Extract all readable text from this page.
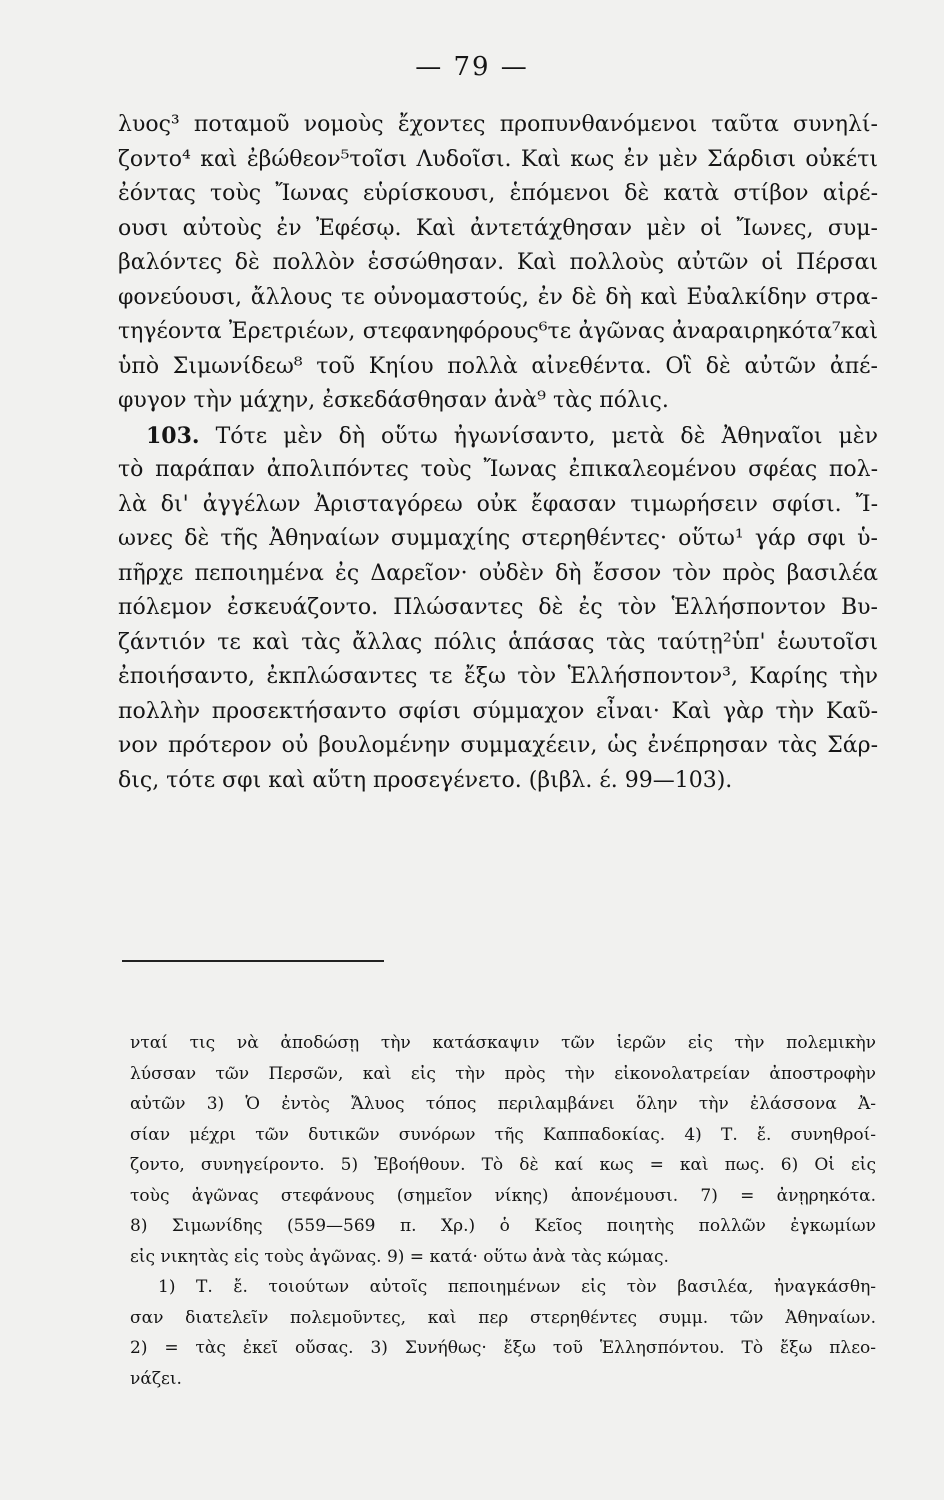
— 79 —
λυος³ ποταμοῦ νομοὺς ἔχοντες προπυνθανόμενοι ταῦτα συνηλί-
ζοντο⁴ καὶ ἐβώθεον⁵τοῖσι Λυδοῖσι. Καὶ κως ἐν μὲν Σάρδισι οὐκέτι
ἐόντας τοὺς Ἴωνας εὑρίσκουσι, ἑπόμενοι δὲ κατὰ στίβον αἱρέ-
ουσι αὐτοὺς ἐν Ἐφέσῳ. Καὶ ἀντετάχθησαν μὲν οἱ Ἴωνες, συμ-
βαλόντες δὲ πολλὸν ἑσσώθησαν. Καὶ πολλοὺς αὐτῶν οἱ Πέρσαι
φονεύουσι, ἄλλους τε οὐνομαστούς, ἐν δὲ δὴ καὶ Εὐαλκίδην στρα-
τηγέοντα Ἐρετριέων, στεφανηφόρους⁶τε ἀγῶνας ἀναραιρηκότα⁷καὶ
ὑπὸ Σιμωνίδεω⁸ τοῦ Κηίου πολλὰ αἰνεθέντα. Οἳ δὲ αὐτῶν ἀπέ-
φυγον τὴν μάχην, ἐσκεδάσθησαν ἀνὰ⁹ τὰς πόλις.
103. Τότε μὲν δὴ οὕτω ἠγωνίσαντο, μετὰ δὲ Ἀθηναῖοι μὲν
τὸ παράπαν ἀπολιπόντες τοὺς Ἴωνας ἐπικαλεομένου σφέας πολ-
λὰ δι' ἀγγέλων Ἀρισταγόρεω οὐκ ἔφασαν τιμωρήσειν σφίσι. Ἴ-
ωνες δὲ τῆς Ἀθηναίων συμμαχίης στερηθέντες· οὕτω¹ γάρ σφι ὑ-
πῆρχε πεποιημένα ἐς Δαρεῖον· οὐδὲν δὴ ἔσσον τὸν πρὸς βασιλέα
πόλεμον ἐσκευάζοντο. Πλώσαντες δὲ ἐς τὸν Ἑλλήσποντον Βυ-
ζάντιόν τε καὶ τὰς ἄλλας πόλις ἁπάσας τὰς ταύτῃ²ὑπ' ἑωυτοῖσι
ἐποιήσαντο, ἐκπλώσαντες τε ἔξω τὸν Ἑλλήσποντον³, Καρίης τὴν
πολλὴν προσεκτήσαντο σφίσι σύμμαχον εἶναι· Καὶ γὰρ τὴν Καῦ-
νον πρότερον οὐ βουλομένην συμμαχέειν, ὡς ἐνέπρησαν τὰς Σάρ-
δις, τότε σφι καὶ αὕτη προσεγένετο. (βιβλ. έ. 99—103).
νταί τις νὰ ἀποδώσῃ τὴν κατάσκαψιν τῶν ἱερῶν εἰς τὴν πολεμικὴν
λύσσαν τῶν Περσῶν, καὶ εἰς τὴν πρὸς τὴν εἰκονολατρείαν ἀποστροφὴν
αὐτῶν 3) Ὁ ἐντὸς Ἄλυος τόπος περιλαμβάνει ὅλην τὴν ἐλάσσονα Ἀ-
σίαν μέχρι τῶν δυτικῶν συνόρων τῆς Καππαδοκίας. 4) Τ. ἔ. συνηθροί-
ζοντο, συνηγείροντο. 5) Ἐβοήθουν. Τὸ δὲ καί κως = καὶ πως. 6) Οἱ εἰς
τοὺς ἀγῶνας στεφάνους (σημεῖον νίκης) ἀπονέμουσι. 7) = ἀνῃρηκότα.
8) Σιμωνίδης (559—569 π. Χρ.) ὁ Κεῖος ποιητὴς πολλῶν ἐγκωμίων
εἰς νικητὰς εἰς τοὺς ἀγῶνας. 9) = κατά· οὕτω ἀνὰ τὰς κώμας.
1) Τ. ἔ. τοιούτων αὐτοῖς πεποιημένων εἰς τὸν βασιλέα, ἠναγκάσθη-
σαν διατελεῖν πολεμοῦντες, καὶ περ στερηθέντες συμμ. τῶν Ἀθηναίων.
2) = τὰς ἐκεῖ οὔσας. 3) Συνήθως· ἔξω τοῦ Ἑλλησπόντου. Τὸ ἔξω πλεο-
νάζει.
